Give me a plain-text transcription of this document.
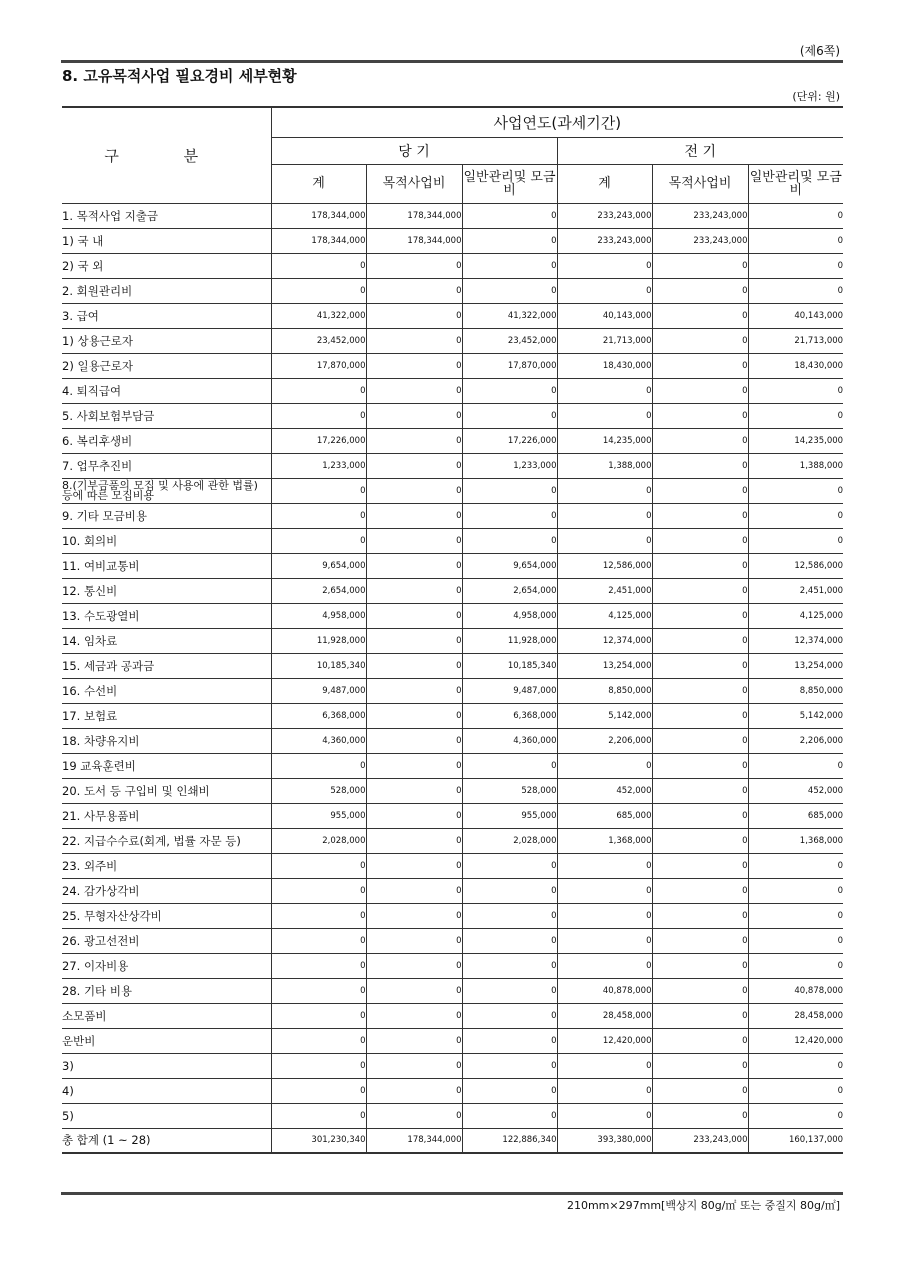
(제6쪽)
8. 고유목적사업 필요경비 세부현황
(단위: 원)
구 분	사업연도(과세기간)					
	당 기			전 기		
	계	목적사업비	일반관리및 모금비	계	목적사업비	일반관리및 모금비
1. 목적사업 지출금	178,344,000	178,344,000	0	233,243,000	233,243,000	0
1) 국 내	178,344,000	178,344,000	0	233,243,000	233,243,000	0
2) 국 외	0	0	0	0	0	0
2. 회원관리비	0	0	0	0	0	0
3. 급여	41,322,000	0	41,322,000	40,143,000	0	40,143,000
1) 상용근로자	23,452,000	0	23,452,000	21,713,000	0	21,713,000
2) 일용근로자	17,870,000	0	17,870,000	18,430,000	0	18,430,000
4. 퇴직급여	0	0	0	0	0	0
5. 사회보험부담금	0	0	0	0	0	0
6. 복리후생비	17,226,000	0	17,226,000	14,235,000	0	14,235,000
7. 업무추진비	1,233,000	0	1,233,000	1,388,000	0	1,388,000
8.(기부금품의 모집 및 사용에 관한 법률) 등에 따른 모집비용	0	0	0	0	0	0
9. 기타 모금비용	0	0	0	0	0	0
10. 회의비	0	0	0	0	0	0
11. 여비교통비	9,654,000	0	9,654,000	12,586,000	0	12,586,000
12. 통신비	2,654,000	0	2,654,000	2,451,000	0	2,451,000
13. 수도광열비	4,958,000	0	4,958,000	4,125,000	0	4,125,000
14. 임차료	11,928,000	0	11,928,000	12,374,000	0	12,374,000
15. 세금과 공과금	10,185,340	0	10,185,340	13,254,000	0	13,254,000
16. 수선비	9,487,000	0	9,487,000	8,850,000	0	8,850,000
17. 보험료	6,368,000	0	6,368,000	5,142,000	0	5,142,000
18. 차량유지비	4,360,000	0	4,360,000	2,206,000	0	2,206,000
19 교육훈련비	0	0	0	0	0	0
20. 도서 등 구입비 및 인쇄비	528,000	0	528,000	452,000	0	452,000
21. 사무용품비	955,000	0	955,000	685,000	0	685,000
22. 지급수수료(회계, 법률 자문 등)	2,028,000	0	2,028,000	1,368,000	0	1,368,000
23. 외주비	0	0	0	0	0	0
24. 감가상각비	0	0	0	0	0	0
25. 무형자산상각비	0	0	0	0	0	0
26. 광고선전비	0	0	0	0	0	0
27. 이자비용	0	0	0	0	0	0
28. 기타 비용	0	0	0	40,878,000	0	40,878,000
소모품비	0	0	0	28,458,000	0	28,458,000
운반비	0	0	0	12,420,000	0	12,420,000
3)	0	0	0	0	0	0
4)	0	0	0	0	0	0
5)	0	0	0	0	0	0
총 합계 (1 ~ 28)	301,230,340	178,344,000	122,886,340	393,380,000	233,243,000	160,137,000
210mm×297mm[백상지 80g/㎡ 또는 중질지 80g/㎡]
